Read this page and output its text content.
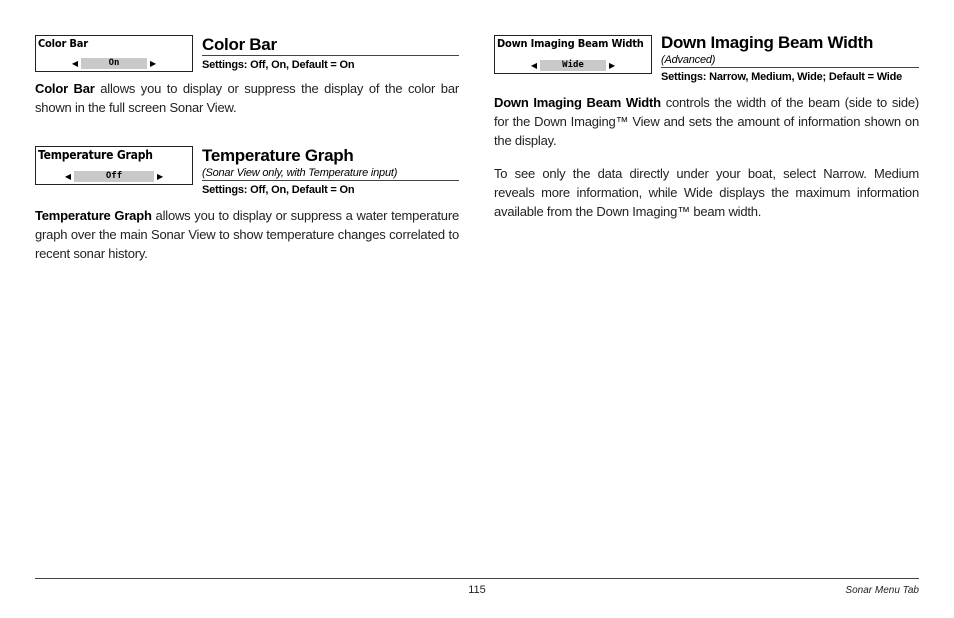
Color Bar
◀	On	▶
Color Bar
Settings: Off, On, Default = On

Color Bar allows you to display or suppress the display of the color bar shown in the full screen Sonar View.

Temperature Graph
◀	Off	▶
Temperature Graph
(Sonar View only, with Temperature input)
Settings: Off, On, Default = On

Temperature Graph allows you to display or suppress a water temperature graph over the main Sonar View to show temperature changes correlated to recent sonar history.

Down Imaging Beam Width
◀	Wide	▶
Down Imaging Beam Width
(Advanced)
Settings: Narrow, Medium, Wide; Default = Wide

Down Imaging Beam Width controls the width of the beam (side to side) for the Down Imaging™ View and sets the amount of information shown on the display.

To see only the data directly under your boat, select Narrow. Medium reveals more information, while Wide displays the maximum information available from the Down Imaging™ beam width.

115	Sonar Menu Tab
